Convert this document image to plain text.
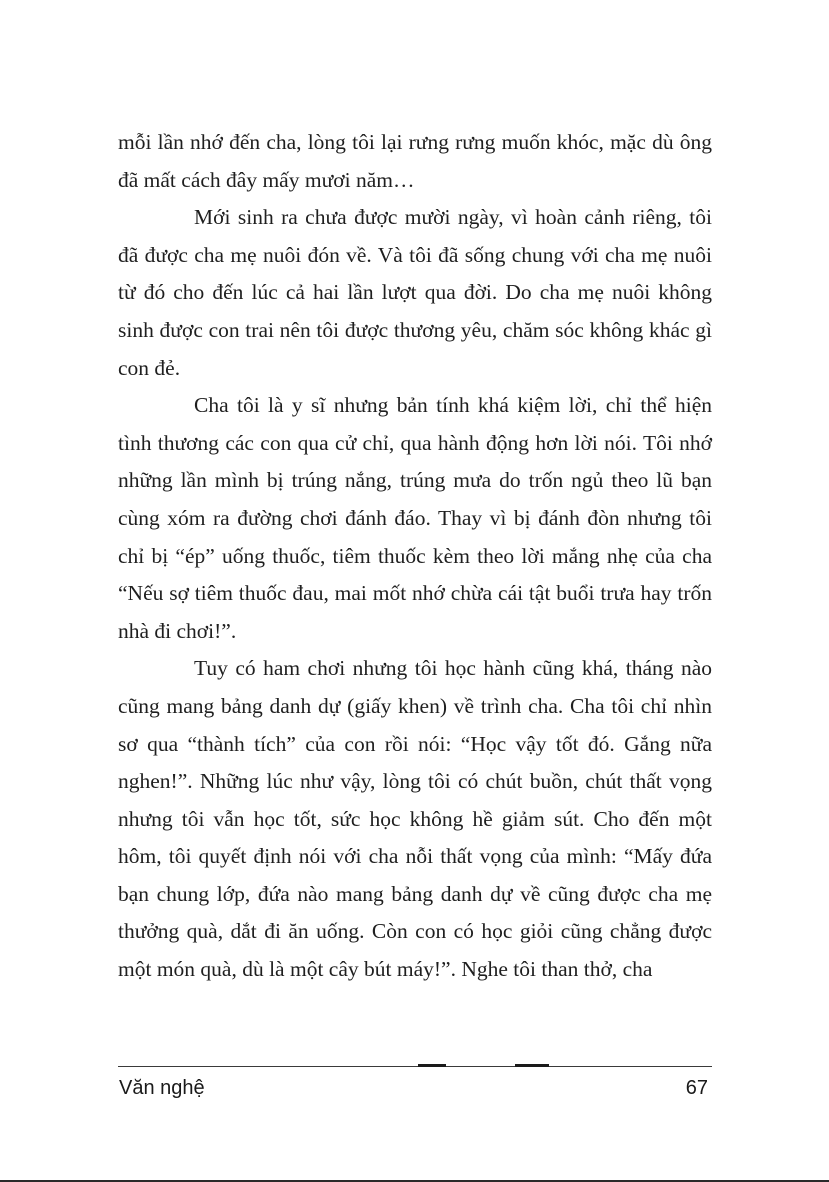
mỗi lần nhớ đến cha, lòng tôi lại rưng rưng muốn khóc, mặc dù ông đã mất cách đây mấy mươi năm…

Mới sinh ra chưa được mười ngày, vì hoàn cảnh riêng, tôi đã được cha mẹ nuôi đón về. Và tôi đã sống chung với cha mẹ nuôi từ đó cho đến lúc cả hai lần lượt qua đời. Do cha mẹ nuôi không sinh được con trai nên tôi được thương yêu, chăm sóc không khác gì con đẻ.

Cha tôi là y sĩ nhưng bản tính khá kiệm lời, chỉ thể hiện tình thương các con qua cử chỉ, qua hành động hơn lời nói. Tôi nhớ những lần mình bị trúng nắng, trúng mưa do trốn ngủ theo lũ bạn cùng xóm ra đường chơi đánh đáo. Thay vì bị đánh đòn nhưng tôi chỉ bị “ép” uống thuốc, tiêm thuốc kèm theo lời mắng nhẹ của cha “Nếu sợ tiêm thuốc đau, mai mốt nhớ chừa cái tật buổi trưa hay trốn nhà đi chơi!”.

Tuy có ham chơi nhưng tôi học hành cũng khá, tháng nào cũng mang bảng danh dự (giấy khen) về trình cha. Cha tôi chỉ nhìn sơ qua “thành tích” của con rồi nói: “Học vậy tốt đó. Gắng nữa nghen!”. Những lúc như vậy, lòng tôi có chút buồn, chút thất vọng nhưng tôi vẫn học tốt, sức học không hề giảm sút. Cho đến một hôm, tôi quyết định nói với cha nỗi thất vọng của mình: “Mấy đứa bạn chung lớp, đứa nào mang bảng danh dự về cũng được cha mẹ thưởng quà, dắt đi ăn uống. Còn con có học giỏi cũng chẳng được một món quà, dù là một cây bút máy!”. Nghe tôi than thở, cha

Văn nghệ	67
